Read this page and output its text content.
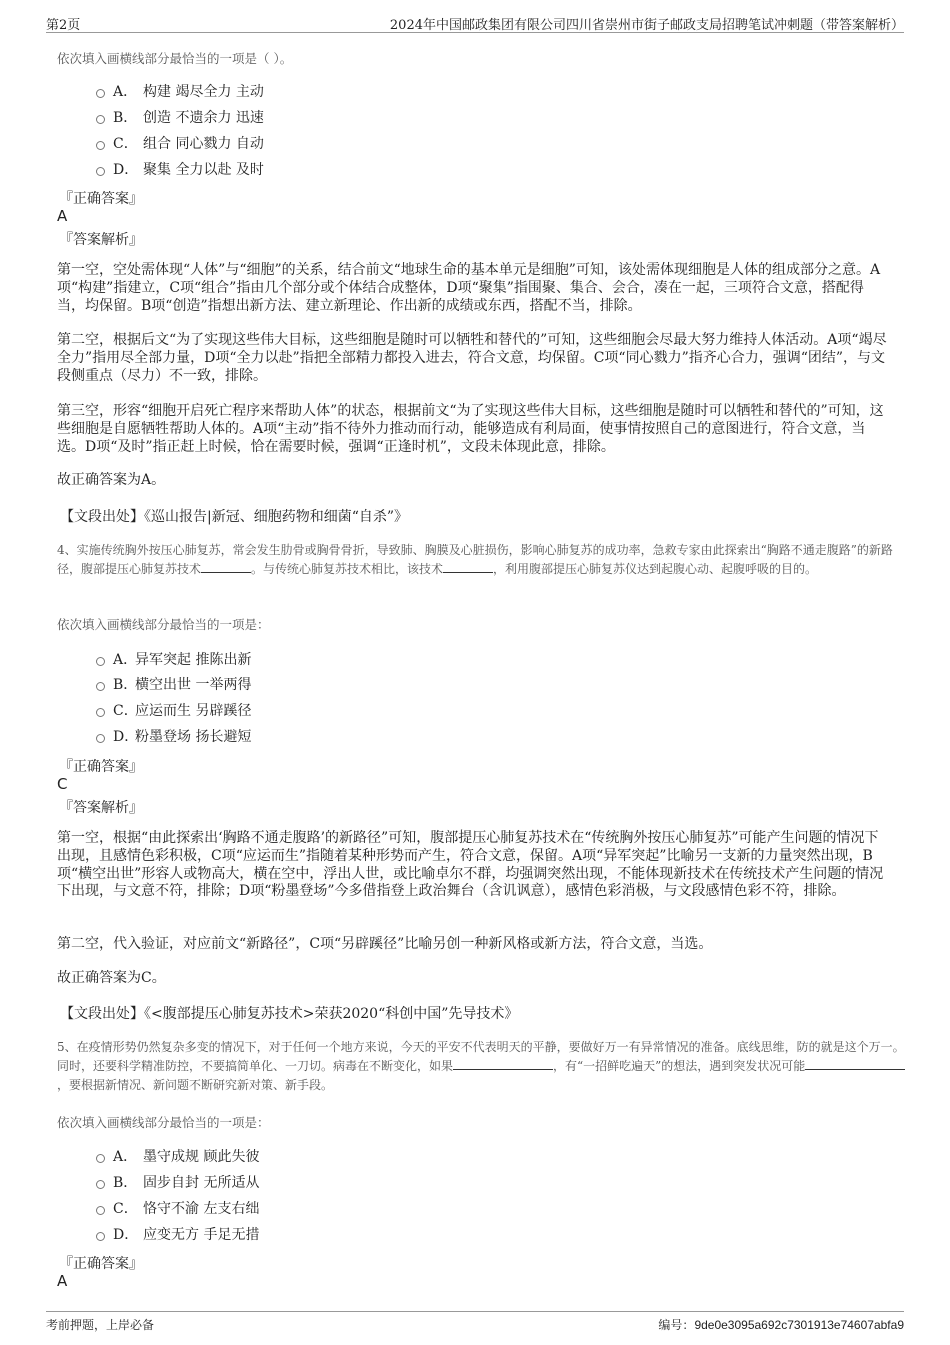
第2页	2024年中国邮政集团有限公司四川省崇州市街子邮政支局招聘笔试冲刺题（带答案解析）
依次填入画横线部分最恰当的一项是（ ）。
A． 构建 竭尽全力 主动
B． 创造 不遗余力 迅速
C． 组合 同心戮力 自动
D． 聚集 全力以赴 及时
『正确答案』
A
『答案解析』
第一空，空处需体现“人体”与“细胞”的关系，结合前文“地球生命的基本单元是细胞”可知，该处需体现细胞是人体的组成部分之意。A项“构建”指建立，C项“组合”指由几个部分或个体结合成整体，D项“聚集”指围聚、集合、会合，凑在一起，三项符合文意，搭配得当，均保留。B项“创造”指想出新方法、建立新理论、作出新的成绩或东西，搭配不当，排除。
第二空，根据后文“为了实现这些伟大目标，这些细胞是随时可以牺牲和替代的”可知，这些细胞会尽最大努力维持人体活动。A项“竭尽全力”指用尽全部力量，D项“全力以赴”指把全部精力都投入进去，符合文意，均保留。C项“同心戮力”指齐心合力，强调“团结”，与文段侧重点（尽力）不一致，排除。
第三空，形容“细胞开启死亡程序来帮助人体”的状态，根据前文“为了实现这些伟大目标，这些细胞是随时可以牺牲和替代的”可知，这些细胞是自愿牺牲帮助人体的。A项“主动”指不待外力推动而行动，能够造成有利局面，使事情按照自己的意图进行，符合文意，当选。D项“及时”指正赶上时候，恰在需要时候，强调“正逢时机”，文段未体现此意，排除。
故正确答案为A。
【文段出处】《巡山报告|新冠、细胞药物和细菌“自杀”》
4、实施传统胸外按压心肺复苏，常会发生肋骨或胸骨骨折，导致肺、胸膜及心脏损伤，影响心肺复苏的成功率，急救专家由此探索出“胸路不通走腹路”的新路径，腹部提压心肺复苏技术	。与传统心肺复苏技术相比，该技术	，利用腹部提压心肺复苏仪达到起腹心动、起腹呼吸的目的。
依次填入画横线部分最恰当的一项是：
A．
异军突起 推陈出新
B．
横空出世 一举两得
C．
应运而生 另辟蹊径
D．
粉墨登场 扬长避短
『正确答案』
C
『答案解析』
第一空，根据“由此探索出‘胸路不通走腹路’的新路径”可知，腹部提压心肺复苏技术在“传统胸外按压心肺复苏”可能产生问题的情况下出现，且感情色彩积极，C项“应运而生”指随着某种形势而产生，符合文意，保留。A项“异军突起”比喻另一支新的力量突然出现，B项“横空出世”形容人或物高大，横在空中，浮出人世，或比喻卓尔不群，均强调突然出现，不能体现新技术在传统技术产生问题的情况下出现，与文意不符，排除；D项“粉墨登场”今多借指登上政治舞台（含讥讽意），感情色彩消极，与文段感情色彩不符，排除。
第二空，代入验证，对应前文“新路径”，C项“另辟蹊径”比喻另创一种新风格或新方法，符合文意，当选。
故正确答案为C。
【文段出处】《<腹部提压心肺复苏技术>荣获2020“科创中国”先导技术》
5、在疫情形势仍然复杂多变的情况下，对于任何一个地方来说，今天的平安不代表明天的平静，要做好万一有异常情况的准备。底线思维，防的就是这个万一。同时，还要科学精准防控，不要搞简单化、一刀切。病毒在不断变化，如果	，有“一招鲜吃遍天”的想法，遇到突发状况可能，要根据新情况、新问题不断研究新对策、新手段。
依次填入画横线部分最恰当的一项是：
A． 墨守成规 顾此失彼
B． 固步自封 无所适从
C． 恪守不渝 左支右绌
D． 应变无方 手足无措
『正确答案』
A
考前押题，上岸必备	编号：9de0e3095a692c7301913e74607abfa9
